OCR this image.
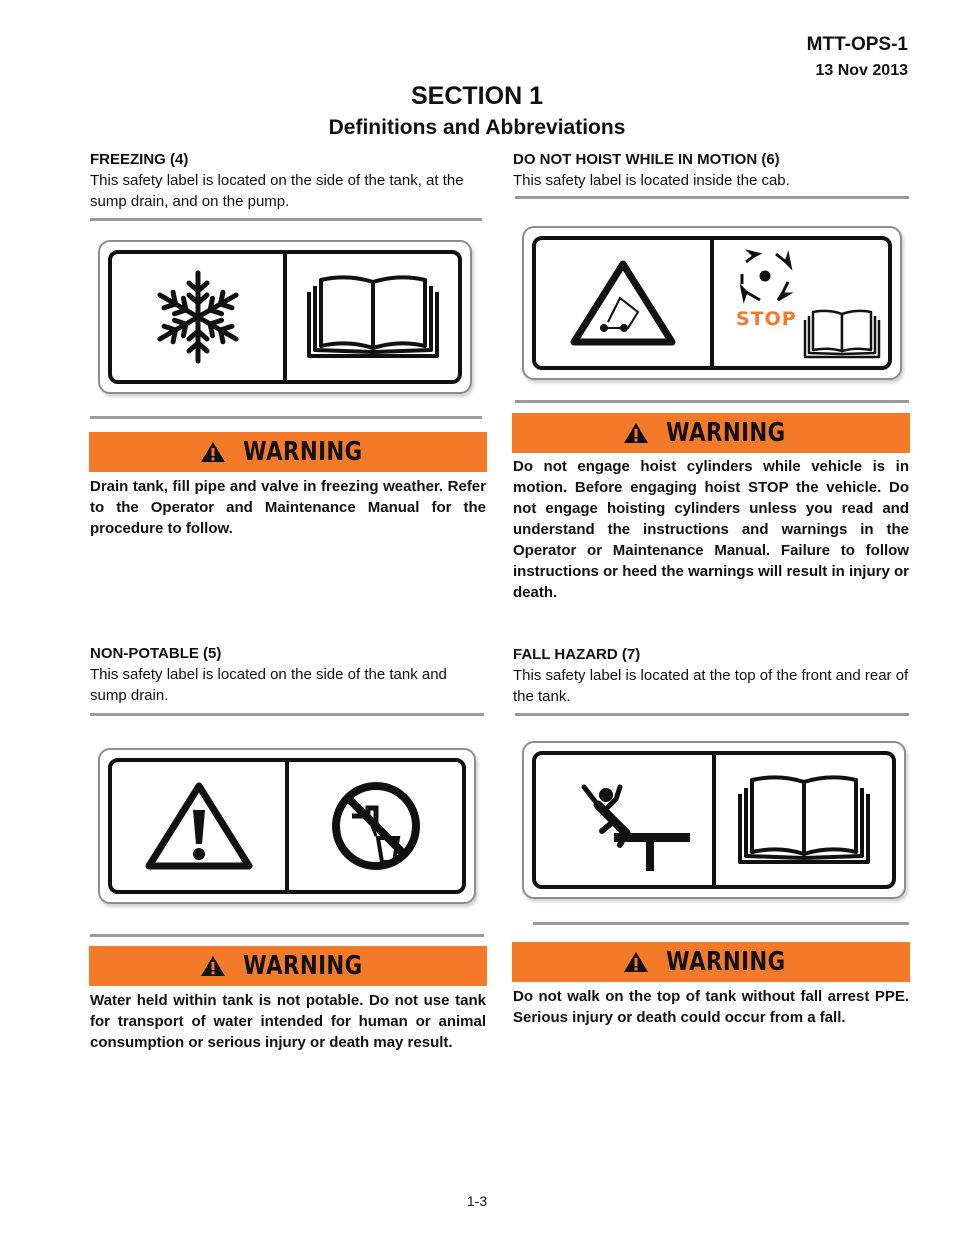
MTT-OPS-1
13 Nov 2013
SECTION 1
Definitions and Abbreviations
FREEZING (4)
This safety label is located on the side of the tank, at the sump drain, and on the pump.
WARNING
Drain tank, fill pipe and valve in freezing weather. Refer to the Operator and Maintenance Manual for the procedure to follow.
DO NOT HOIST WHILE IN MOTION (6)
This safety label is located inside the cab.
STOP
WARNING
Do not engage hoist cylinders while vehicle is in motion. Before engaging hoist STOP the vehicle. Do not engage hoisting cylinders unless you read and understand the instructions and warnings in the Operator or Maintenance Manual. Failure to follow instructions or heed the warnings will result in injury or death.
NON-POTABLE (5)
This safety label is located on the side of the tank and sump drain.
WARNING
Water held within tank is not potable. Do not use tank for transport of water intended for human or animal consumption or serious injury or death may result.
FALL HAZARD (7)
This safety label is located at the top of the front and rear of the tank.
WARNING
Do not walk on the top of tank without fall arrest PPE. Serious injury or death could occur from a fall.
1-3
